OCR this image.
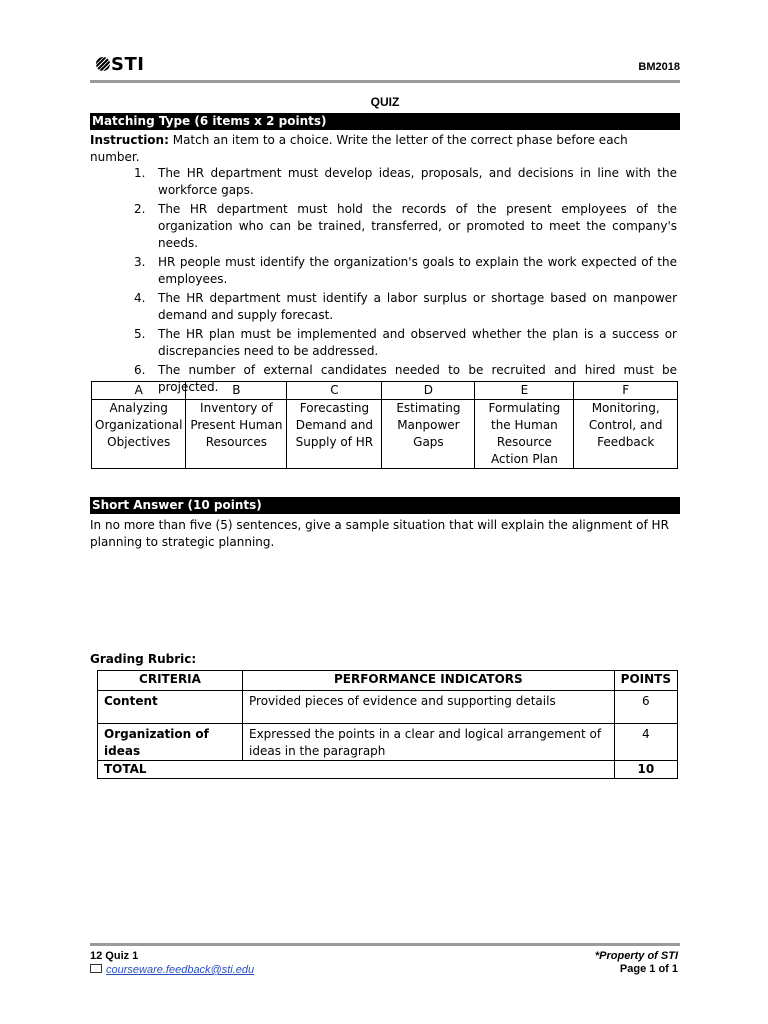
STI	BM2018
QUIZ
Matching Type (6 items x 2 points)
Instruction: Match an item to a choice. Write the letter of the correct phase before each number.
1. The HR department must develop ideas, proposals, and decisions in line with the workforce gaps.
2. The HR department must hold the records of the present employees of the organization who can be trained, transferred, or promoted to meet the company's needs.
3. HR people must identify the organization's goals to explain the work expected of the employees.
4. The HR department must identify a labor surplus or shortage based on manpower demand and supply forecast.
5. The HR plan must be implemented and observed whether the plan is a success or discrepancies need to be addressed.
6. The number of external candidates needed to be recruited and hired must be projected.
A	B	C	D	E	F
Analyzing Organizational Objectives	Inventory of Present Human Resources	Forecasting Demand and Supply of HR	Estimating Manpower Gaps	Formulating the Human Resource Action Plan	Monitoring, Control, and Feedback
Short Answer (10 points)
In no more than five (5) sentences, give a sample situation that will explain the alignment of HR planning to strategic planning.
Grading Rubric:
CRITERIA	PERFORMANCE INDICATORS	POINTS
Content	Provided pieces of evidence and supporting details	6
Organization of ideas	Expressed the points in a clear and logical arrangement of ideas in the paragraph	4
TOTAL		10
12 Quiz 1
courseware.feedback@sti.edu
*Property of STI
Page 1 of 1
